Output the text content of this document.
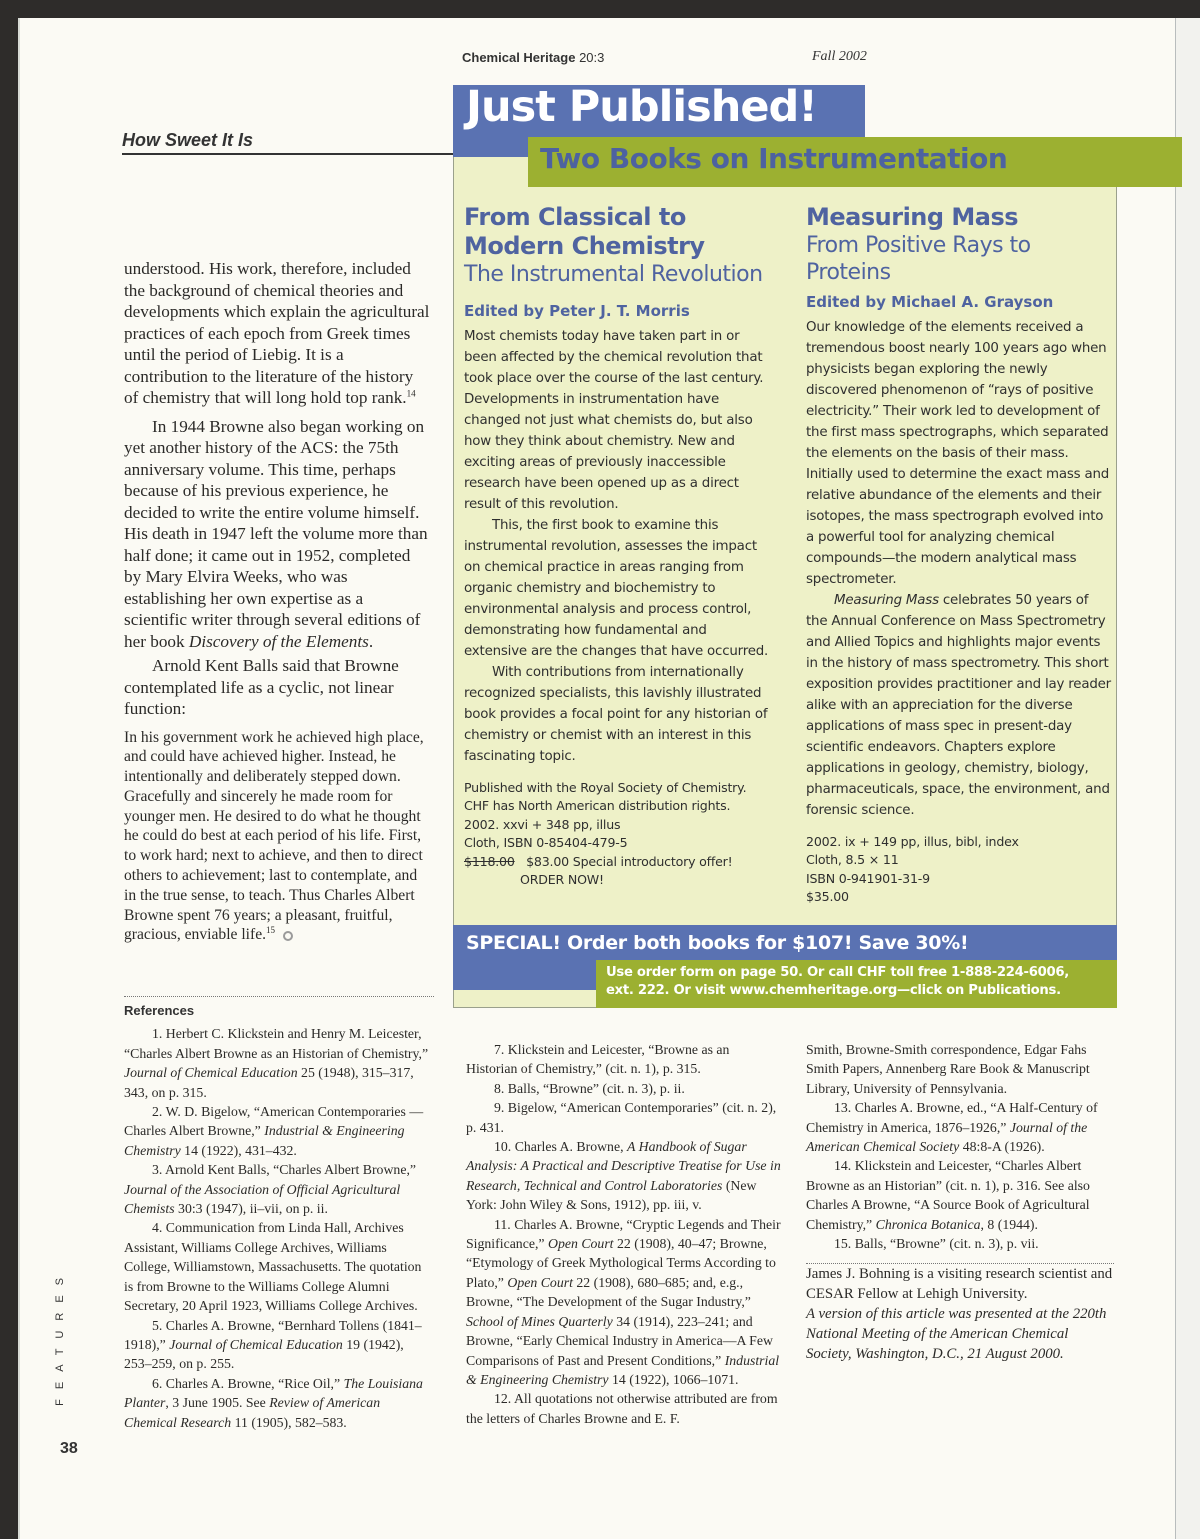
Chemical Heritage 20:3	Fall 2002
How Sweet It Is

understood. His work, therefore, included the background of chemical theories and developments which explain the agricultural practices of each epoch from Greek times until the period of Liebig. It is a contribution to the literature of the history of chemistry that will long hold top rank.$^{14}$

In 1944 Browne also began working on yet another history of the ACS: the 75th anniversary volume. This time, perhaps because of his previous experience, he decided to write the entire volume himself. His death in 1947 left the volume more than half done; it came out in 1952, completed by Mary Elvira Weeks, who was establishing her own expertise as a scientific writer through several editions of her book Discovery of the Elements.

Arnold Kent Balls said that Browne contemplated life as a cyclic, not linear function:

In his government work he achieved high place, and could have achieved higher. Instead, he intentionally and deliberately stepped down. Gracefully and sincerely he made room for younger men. He desired to do what he thought he could do best at each period of his life. First, to work hard; next to achieve, and then to direct others to achievement; last to contemplate, and in the true sense, to teach. Thus Charles Albert Browne spent 76 years; a pleasant, fruitful, gracious, enviable life.$^{15}$
Just Published!
Two Books on Instrumentation
From Classical to Modern Chemistry
The Instrumental Revolution
Edited by Peter J. T. Morris

Most chemists today have taken part in or been affected by the chemical revolution that took place over the course of the last century. Developments in instrumentation have changed not just what chemists do, but also how they think about chemistry. New and exciting areas of previously inaccessible research have been opened up as a direct result of this revolution.

This, the first book to examine this instrumental revolution, assesses the impact on chemical practice in areas ranging from organic chemistry and biochemistry to environmental analysis and process control, demonstrating how fundamental and extensive are the changes that have occurred.

With contributions from internationally recognized specialists, this lavishly illustrated book provides a focal point for any historian of chemistry or chemist with an interest in this fascinating topic.

Published with the Royal Society of Chemistry.
CHF has North American distribution rights.
2002. xxvi + 348 pp, illus
Cloth, ISBN 0-85404-479-5
$118.00 $83.00 Special introductory offer!
ORDER NOW!
Measuring Mass
From Positive Rays to Proteins
Edited by Michael A. Grayson

Our knowledge of the elements received a tremendous boost nearly 100 years ago when physicists began exploring the newly discovered phenomenon of “rays of positive electricity.” Their work led to development of the first mass spectrographs, which separated the elements on the basis of their mass. Initially used to determine the exact mass and relative abundance of the elements and their isotopes, the mass spectrograph evolved into a powerful tool for analyzing chemical compounds—the modern analytical mass spectrometer.

Measuring Mass celebrates 50 years of the Annual Conference on Mass Spectrometry and Allied Topics and highlights major events in the history of mass spectrometry. This short exposition provides practitioner and lay reader alike with an appreciation for the diverse applications of mass spec in present-day scientific endeavors. Chapters explore applications in geology, chemistry, biology, pharmaceuticals, space, the environment, and forensic science.

2002. ix + 149 pp, illus, bibl, index
Cloth, 8.5 × 11
ISBN 0-941901-31-9
$35.00
SPECIAL! Order both books for $107! Save 30%!
Use order form on page 50. Or call CHF toll free 1-888-224-6006,
ext. 222. Or visit www.chemheritage.org—click on Publications.
References

1. Herbert C. Klickstein and Henry M. Leicester, “Charles Albert Browne as an Historian of Chemistry,” Journal of Chemical Education 25 (1948), 315–317, 343, on p. 315.

2. W. D. Bigelow, “American Contemporaries —Charles Albert Browne,” Industrial & Engineering Chemistry 14 (1922), 431–432.

3. Arnold Kent Balls, “Charles Albert Browne,” Journal of the Association of Official Agricultural Chemists 30:3 (1947), ii–vii, on p. ii.

4. Communication from Linda Hall, Archives Assistant, Williams College Archives, Williams College, Williamstown, Massachusetts. The quotation is from Browne to the Williams College Alumni Secretary, 20 April 1923, Williams College Archives.

5. Charles A. Browne, “Bernhard Tollens (1841–1918),” Journal of Chemical Education 19 (1942), 253–259, on p. 255.

6. Charles A. Browne, “Rice Oil,” The Louisiana Planter, 3 June 1905. See Review of American Chemical Research 11 (1905), 582–583.

7. Klickstein and Leicester, “Browne as an Historian of Chemistry,” (cit. n. 1), p. 315.

8. Balls, “Browne” (cit. n. 3), p. ii.

9. Bigelow, “American Contemporaries” (cit. n. 2), p. 431.

10. Charles A. Browne, A Handbook of Sugar Analysis: A Practical and Descriptive Treatise for Use in Research, Technical and Control Laboratories (New York: John Wiley & Sons, 1912), pp. iii, v.

11. Charles A. Browne, “Cryptic Legends and Their Significance,” Open Court 22 (1908), 40–47; Browne, “Etymology of Greek Mythological Terms According to Plato,” Open Court 22 (1908), 680–685; and, e.g., Browne, “The Development of the Sugar Industry,” School of Mines Quarterly 34 (1914), 223–241; and Browne, “Early Chemical Industry in America—A Few Comparisons of Past and Present Conditions,” Industrial & Engineering Chemistry 14 (1922), 1066–1071.

12. All quotations not otherwise attributed are from the letters of Charles Browne and E. F.

Smith, Browne-Smith correspondence, Edgar Fahs Smith Papers, Annenberg Rare Book & Manuscript Library, University of Pennsylvania.

13. Charles A. Browne, ed., “A Half-Century of Chemistry in America, 1876–1926,” Journal of the American Chemical Society 48:8-A (1926).

14. Klickstein and Leicester, “Charles Albert Browne as an Historian” (cit. n. 1), p. 316. See also Charles A Browne, “A Source Book of Agricultural Chemistry,” Chronica Botanica, 8 (1944).

15. Balls, “Browne” (cit. n. 3), p. vii.

James J. Bohning is a visiting research scientist and CESAR Fellow at Lehigh University.

A version of this article was presented at the 220th National Meeting of the American Chemical Society, Washington, D.C., 21 August 2000.

FEATURES
38
